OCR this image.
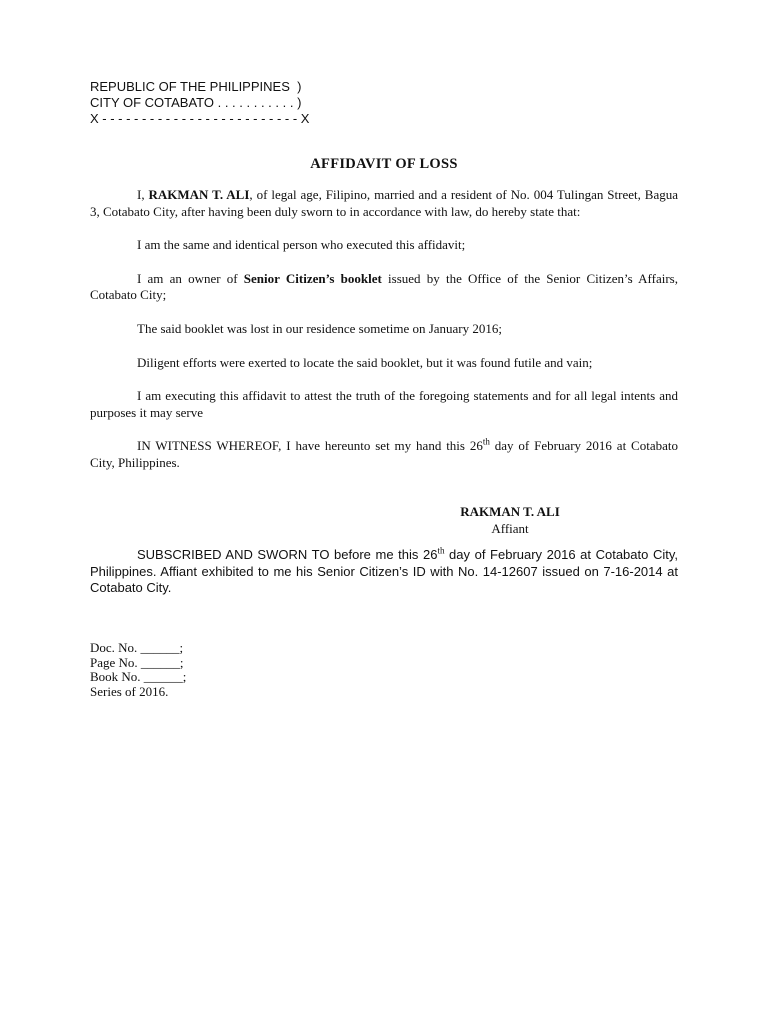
REPUBLIC OF THE PHILIPPINES  )
CITY OF COTABATO . . . . . . . . . . . )
X - - - - - - - - - - - - - - - - - - - - - - - - - X
AFFIDAVIT OF LOSS

I, RAKMAN T. ALI, of legal age, Filipino, married and a resident of No. 004 Tulingan Street, Bagua 3, Cotabato City, after having been duly sworn to in accordance with law, do hereby state that:

I am the same and identical person who executed this affidavit;

I am an owner of Senior Citizen’s booklet issued by the Office of the Senior Citizen’s Affairs, Cotabato City;

The said booklet was lost in our residence sometime on January 2016;

Diligent efforts were exerted to locate the said booklet, but it was found futile and vain;

I am executing this affidavit to attest the truth of the foregoing statements and for all legal intents and purposes it may serve

IN WITNESS WHEREOF, I have hereunto set my hand this 26th day of February 2016 at Cotabato City, Philippines.

RAKMAN T. ALI
Affiant

SUBSCRIBED AND SWORN TO before me this 26th day of February 2016 at Cotabato City, Philippines. Affiant exhibited to me his Senior Citizen’s ID with No. 14-12607 issued on 7-16-2014 at Cotabato City.

Doc. No. ______;
Page No. ______;
Book No. ______;
Series of 2016.
